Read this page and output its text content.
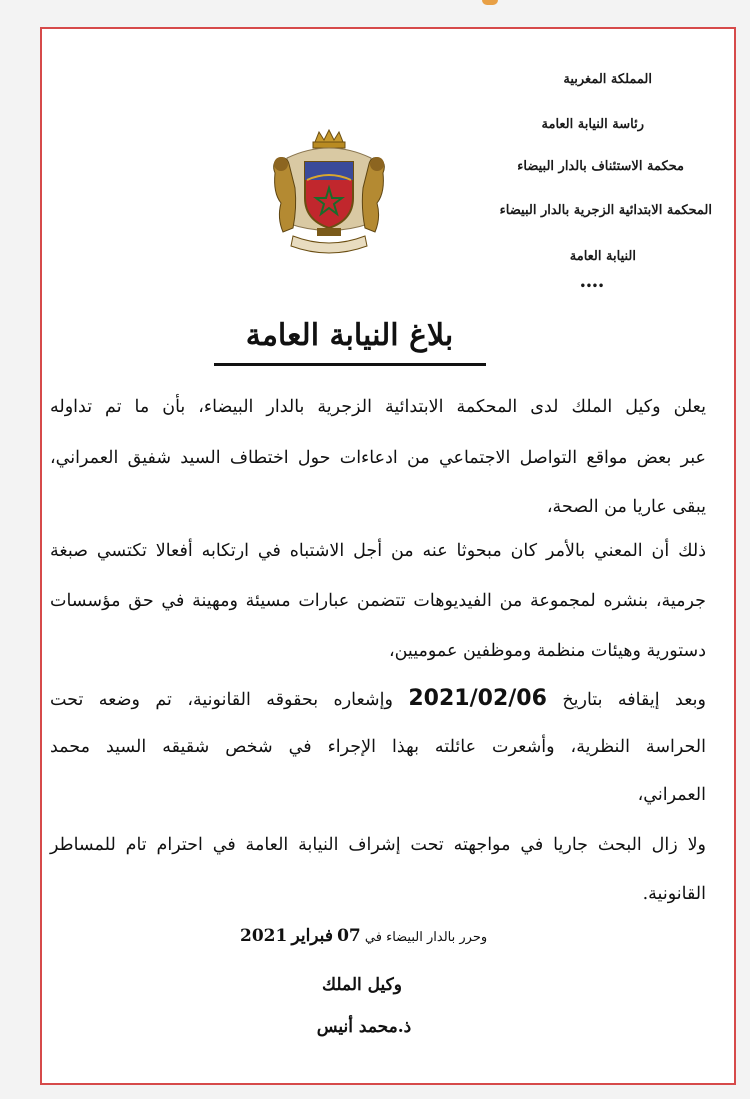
المملكة المغربية
رئاسة النيابة العامة
محكمة الاستئناف بالدار البيضاء
المحكمة الابتدائية الزجرية بالدار البيضاء
النيابة العامة
••••
بلاغ النيابة العامة
يعلن وكيل الملك لدى المحكمة الابتدائية الزجرية بالدار البيضاء، بأن ما تم تداوله
عبر بعض مواقع التواصل الاجتماعي من ادعاءات حول اختطاف السيد شفيق العمراني،
يبقى عاريا من الصحة،
ذلك أن المعني بالأمر كان مبحوثا عنه من أجل الاشتباه في ارتكابه أفعالا تكتسي صبغة
جرمية، بنشره لمجموعة من الفيديوهات تتضمن عبارات مسيئة ومهينة في حق مؤسسات
دستورية وهيئات منظمة وموظفين عموميين،
وبعد إيقافه بتاريخ 2021/02/06 وإشعاره بحقوقه القانونية، تم وضعه تحت
الحراسة النظرية، وأشعرت عائلته بهذا الإجراء في شخص شقيقه السيد محمد
العمراني،
ولا زال البحث جاريا في مواجهته تحت إشراف النيابة العامة في احترام تام للمساطر
القانونية.
وحرر بالدار البيضاء في 07 فبراير 2021
وكيل الملك
ذ.محمد أنيس
